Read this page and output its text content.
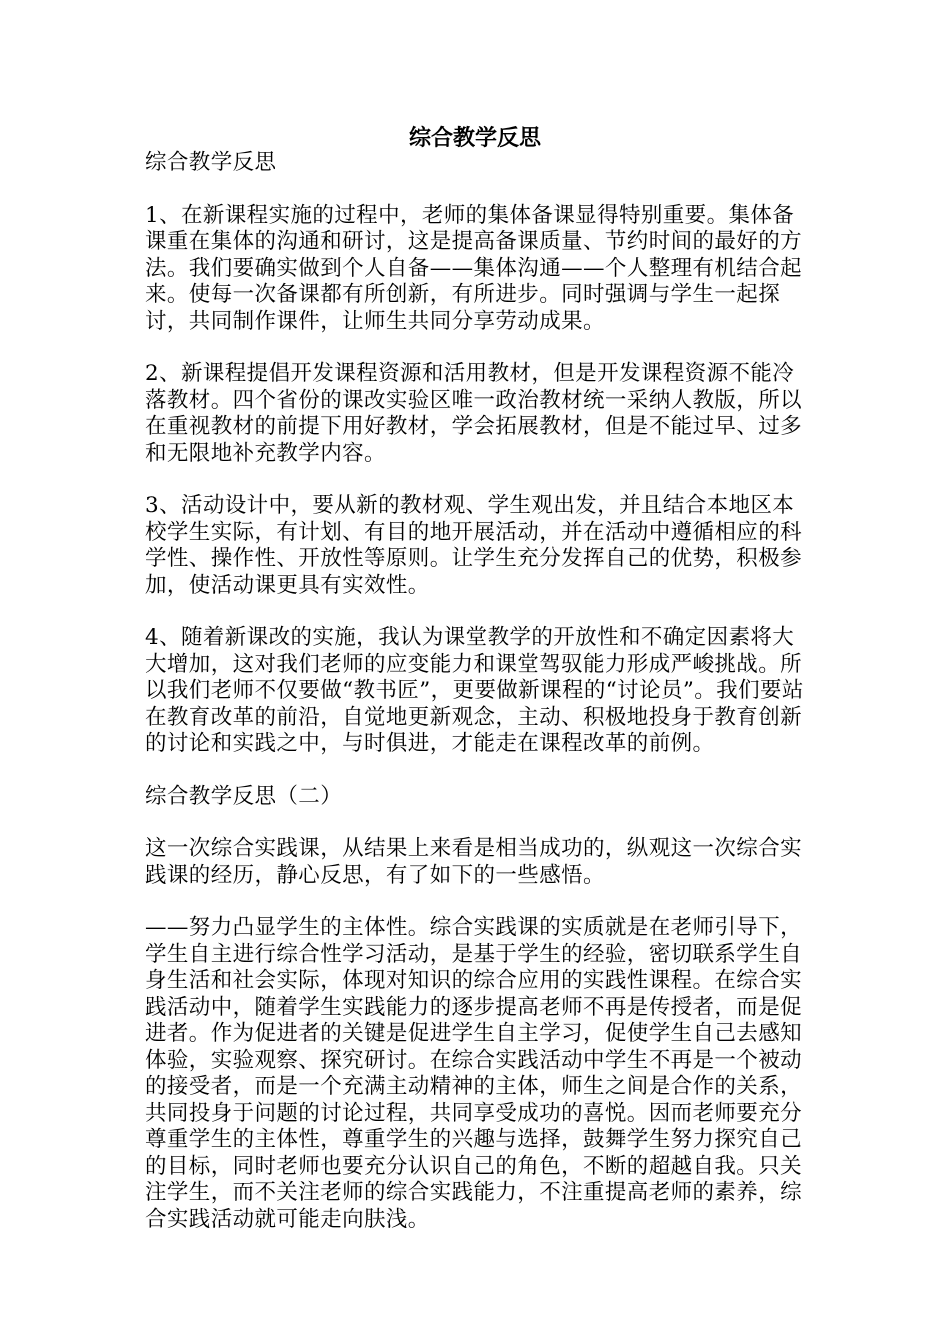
综合教学反思

综合教学反思

1、在新课程实施的过程中，老师的集体备课显得特别重要。集体备课重在集体的沟通和研讨，这是提高备课质量、节约时间的最好的方法。我们要确实做到个人自备——集体沟通——个人整理有机结合起来。使每一次备课都有所创新，有所进步。同时强调与学生一起探讨，共同制作课件，让师生共同分享劳动成果。

2、新课程提倡开发课程资源和活用教材，但是开发课程资源不能冷落教材。四个省份的课改实验区唯一政治教材统一采纳人教版，所以在重视教材的前提下用好教材，学会拓展教材，但是不能过早、过多和无限地补充教学内容。

3、活动设计中，要从新的教材观、学生观出发，并且结合本地区本校学生实际，有计划、有目的地开展活动，并在活动中遵循相应的科学性、操作性、开放性等原则。让学生充分发挥自己的优势，积极参加，使活动课更具有实效性。

4、随着新课改的实施，我认为课堂教学的开放性和不确定因素将大大增加，这对我们老师的应变能力和课堂驾驭能力形成严峻挑战。所以我们老师不仅要做“教书匠”，更要做新课程的“讨论员”。我们要站在教育改革的前沿，自觉地更新观念，主动、积极地投身于教育创新的讨论和实践之中，与时俱进，才能走在课程改革的前例。

综合教学反思（二）

这一次综合实践课，从结果上来看是相当成功的，纵观这一次综合实践课的经历，静心反思，有了如下的一些感悟。

——努力凸显学生的主体性。综合实践课的实质就是在老师引导下，学生自主进行综合性学习活动，是基于学生的经验，密切联系学生自身生活和社会实际，体现对知识的综合应用的实践性课程。在综合实践活动中，随着学生实践能力的逐步提高老师不再是传授者，而是促进者。作为促进者的关键是促进学生自主学习，促使学生自己去感知体验，实验观察、探究研讨。在综合实践活动中学生不再是一个被动的接受者，而是一个充满主动精神的主体，师生之间是合作的关系，共同投身于问题的讨论过程，共同享受成功的喜悦。因而老师要充分尊重学生的主体性，尊重学生的兴趣与选择，鼓舞学生努力探究自己的目标，同时老师也要充分认识自己的角色，不断的超越自我。只关注学生，而不关注老师的综合实践能力，不注重提高老师的素养，综合实践活动就可能走向肤浅。
